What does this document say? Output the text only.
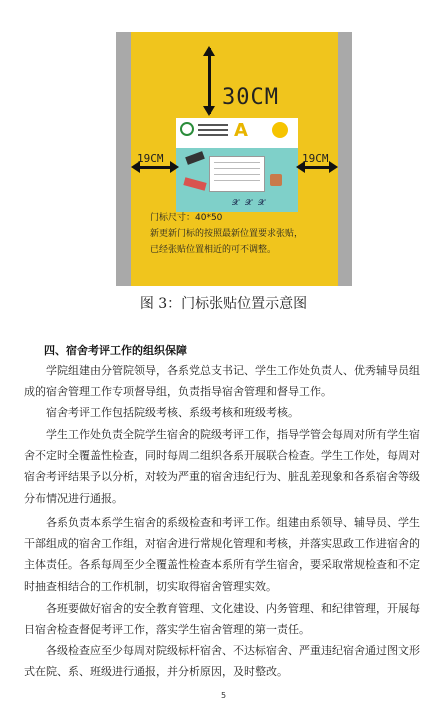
30CM
A
𝓧 𝓧 𝓧
19CM	19CM
门标尺寸：40*50
新更新门标的按照最新位置要求张贴，
已经张贴位置相近的可不调整。
图 3：门标张贴位置示意图
四、宿舍考评工作的组织保障
学院组建由分管院领导，各系党总支书记、学生工作处负责人、优秀辅导员组
成的宿舍管理工作专项督导组，负责指导宿舍管理和督导工作。
宿舍考评工作包括院级考核、系级考核和班级考核。
学生工作处负责全院学生宿舍的院级考评工作，指导学管会每周对所有学生宿
舍不定时全覆盖性检查，同时每周二组织各系开展联合检查。学生工作处，每周对
宿舍考评结果予以分析，对较为严重的宿舍违纪行为、脏乱差现象和各系宿舍等级
分布情况进行通报。
各系负责本系学生宿舍的系级检查和考评工作。组建由系领导、辅导员、学生
干部组成的宿舍工作组，对宿舍进行常规化管理和考核，并落实思政工作进宿舍的
主体责任。各系每周至少全覆盖性检查本系所有学生宿舍，要采取常规检查和不定
时抽查相结合的工作机制，切实取得宿舍管理实效。
各班要做好宿舍的安全教育管理、文化建设、内务管理、和纪律管理，开展每
日宿舍检查督促考评工作，落实学生宿舍管理的第一责任。
各级检查应至少每周对院级标杆宿舍、不达标宿舍、严重违纪宿舍通过图文形
式在院、系、班级进行通报，并分析原因，及时整改。
5
